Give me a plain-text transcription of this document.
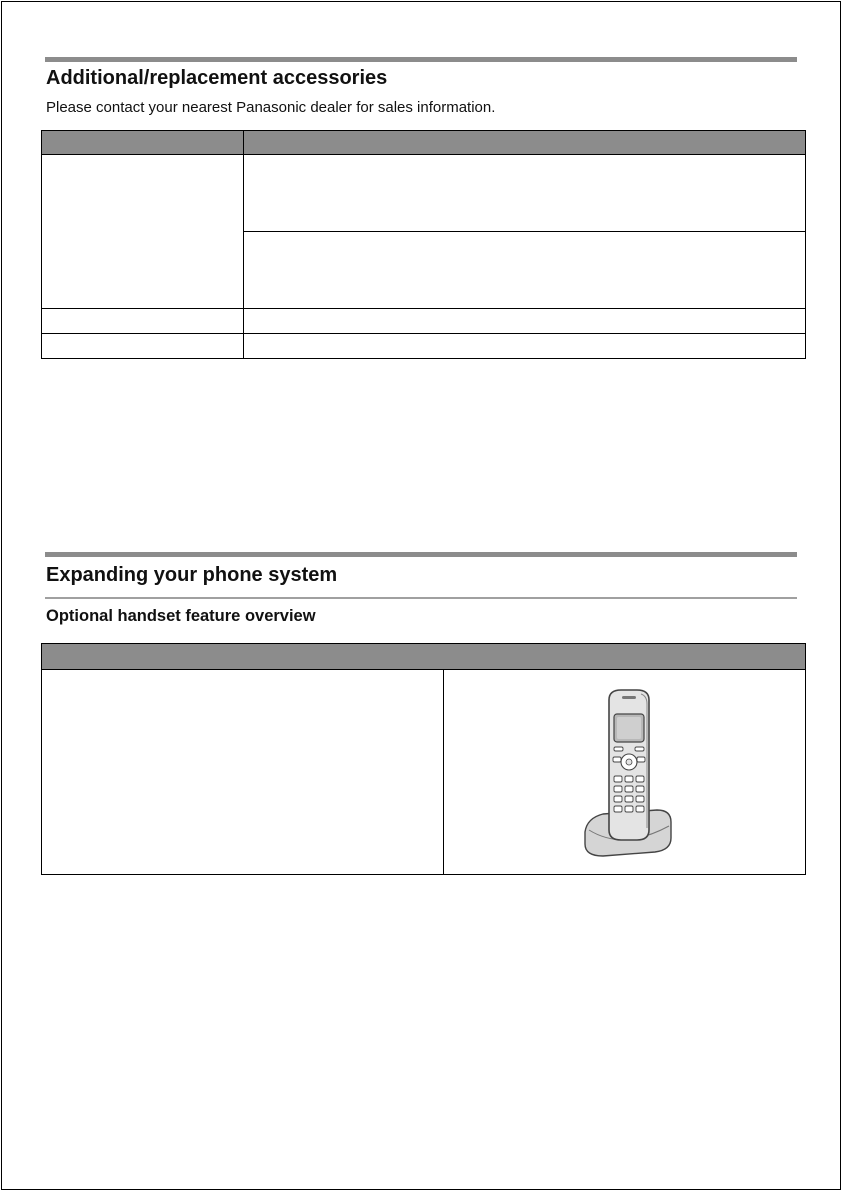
Additional/replacement accessories
Please contact your nearest Panasonic dealer for sales information.

Expanding your phone system
Optional handset feature overview
